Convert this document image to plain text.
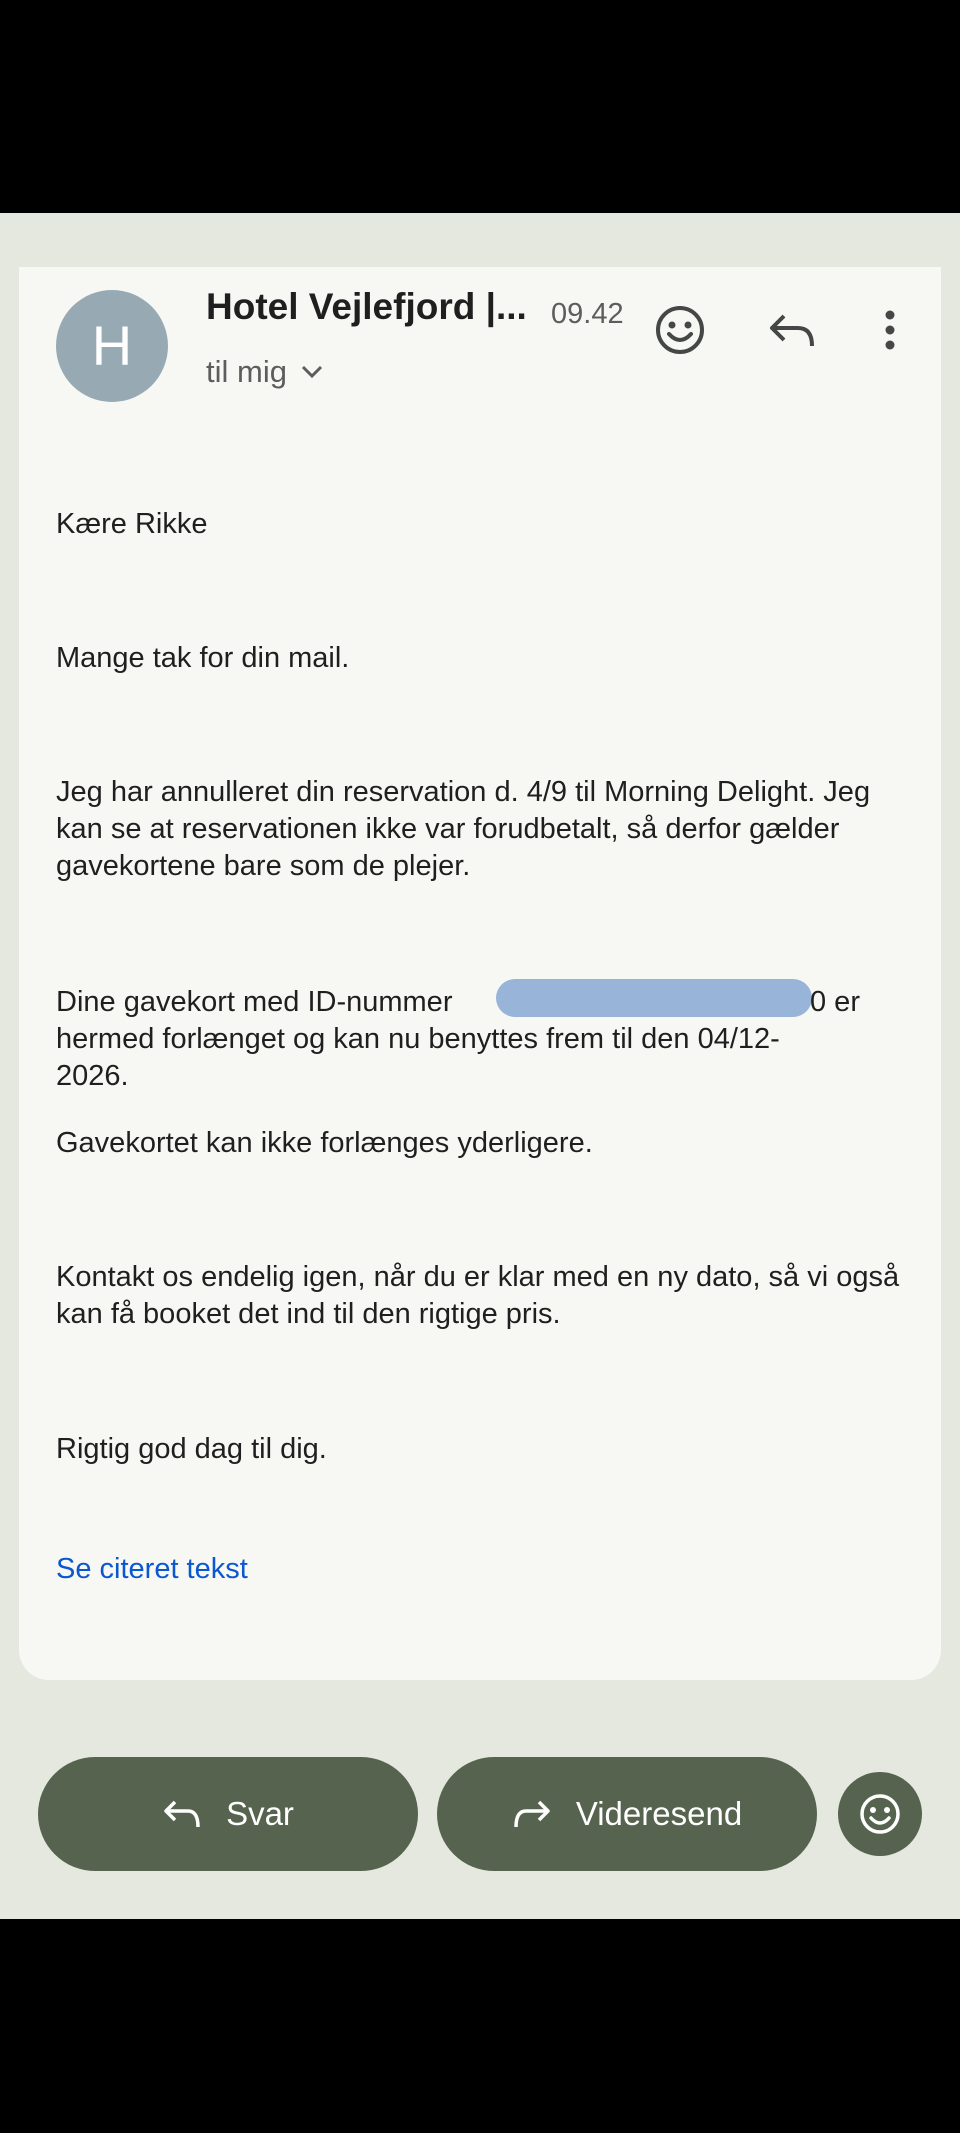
H
Hotel Vejlefjord |... 09.42
til mig
Kære Rikke
Mange tak for din mail.
Jeg har annulleret din reservation d. 4/9 til Morning Delight. Jeg kan se at reservationen ikke var forudbetalt, så derfor gælder gavekortene bare som de plejer.
Dine gavekort med ID-nummer	0 er
hermed forlænget og kan nu benyttes frem til den 04/12-
2026.
Gavekortet kan ikke forlænges yderligere.
Kontakt os endelig igen, når du er klar med en ny dato, så vi også kan få booket det ind til den rigtige pris.
Rigtig god dag til dig.
Se citeret tekst
Svar	Videresend
